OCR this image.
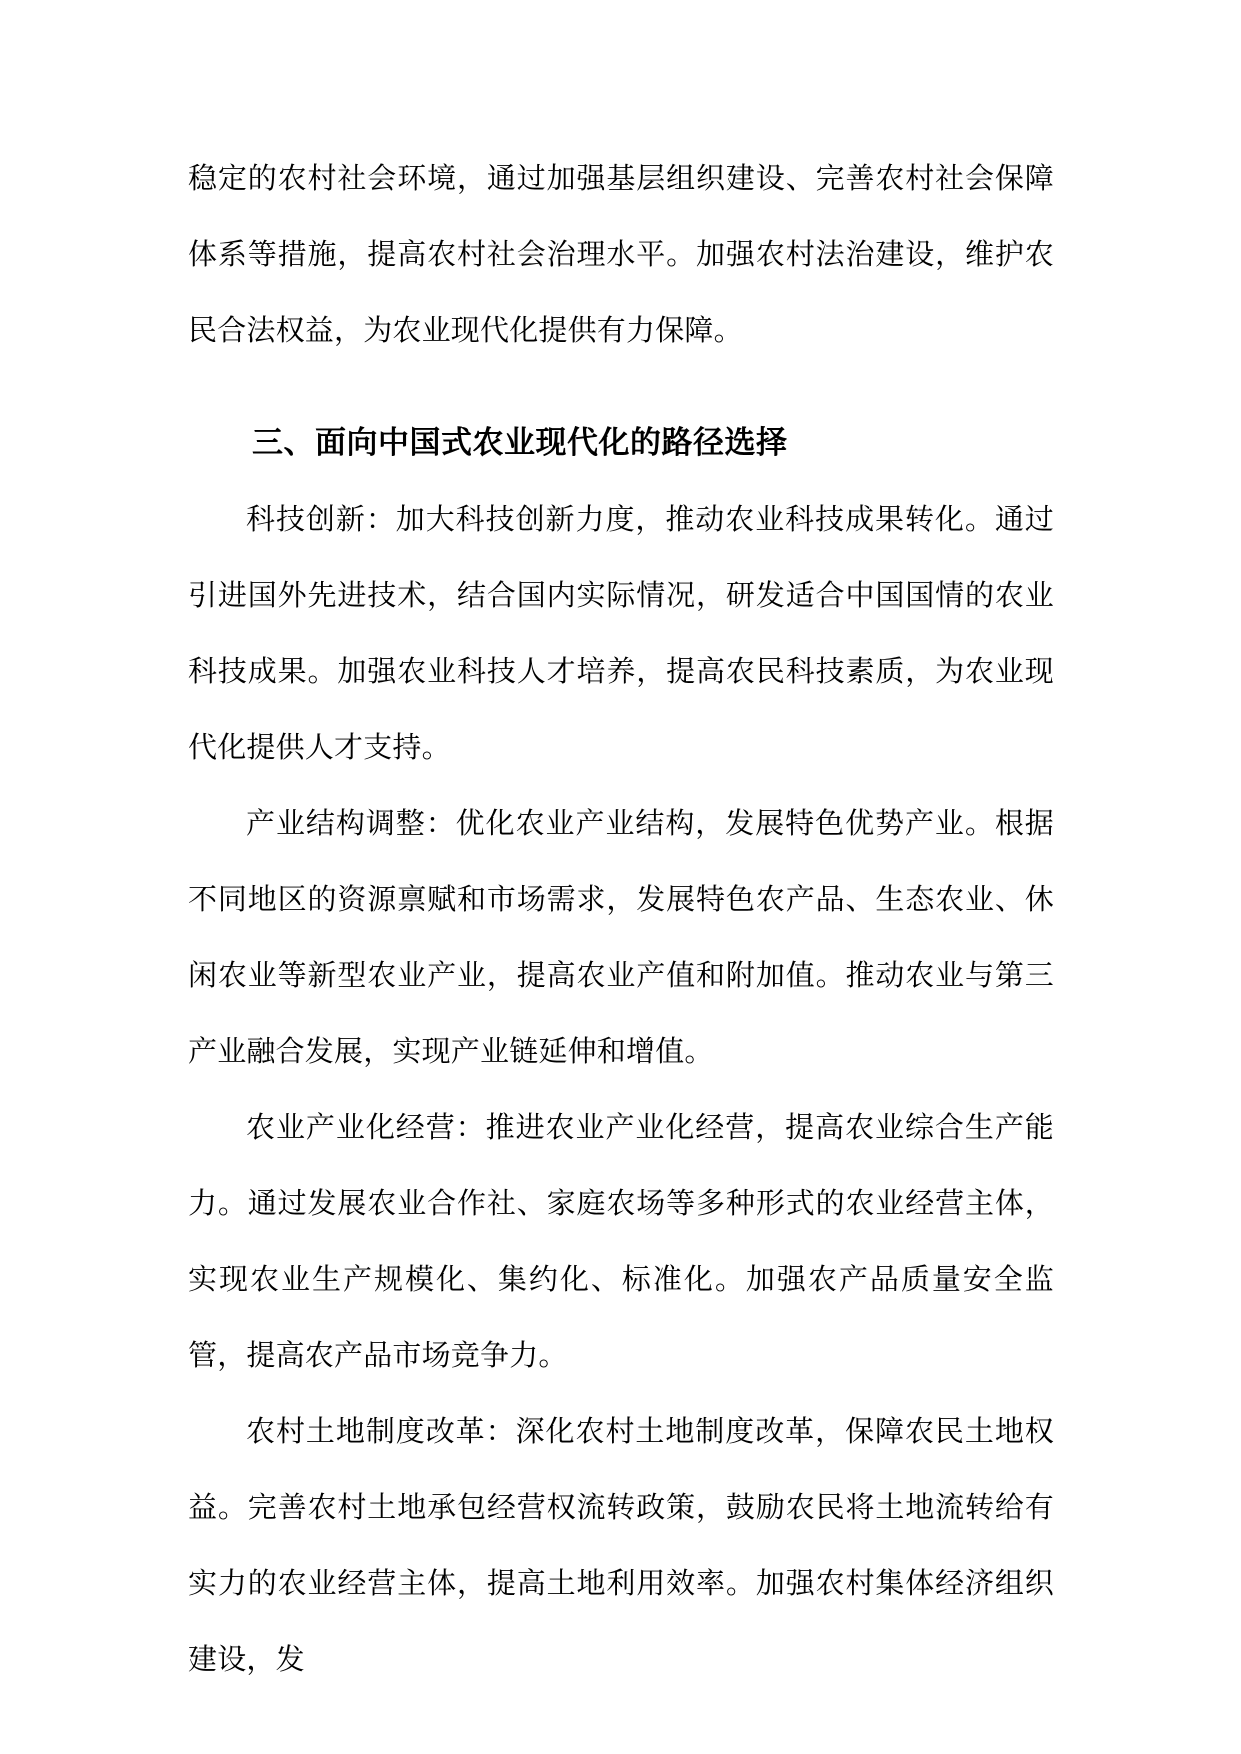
稳定的农村社会环境，通过加强基层组织建设、完善农村社会保障体系等措施，提高农村社会治理水平。加强农村法治建设，维护农民合法权益，为农业现代化提供有力保障。

三、面向中国式农业现代化的路径选择

科技创新：加大科技创新力度，推动农业科技成果转化。通过引进国外先进技术，结合国内实际情况，研发适合中国国情的农业科技成果。加强农业科技人才培养，提高农民科技素质，为农业现代化提供人才支持。

产业结构调整：优化农业产业结构，发展特色优势产业。根据不同地区的资源禀赋和市场需求，发展特色农产品、生态农业、休闲农业等新型农业产业，提高农业产值和附加值。推动农业与第三产业融合发展，实现产业链延伸和增值。

农业产业化经营：推进农业产业化经营，提高农业综合生产能力。通过发展农业合作社、家庭农场等多种形式的农业经营主体，实现农业生产规模化、集约化、标准化。加强农产品质量安全监管，提高农产品市场竞争力。

农村土地制度改革：深化农村土地制度改革，保障农民土地权益。完善农村土地承包经营权流转政策，鼓励农民将土地流转给有实力的农业经营主体，提高土地利用效率。加强农村集体经济组织建设，发
